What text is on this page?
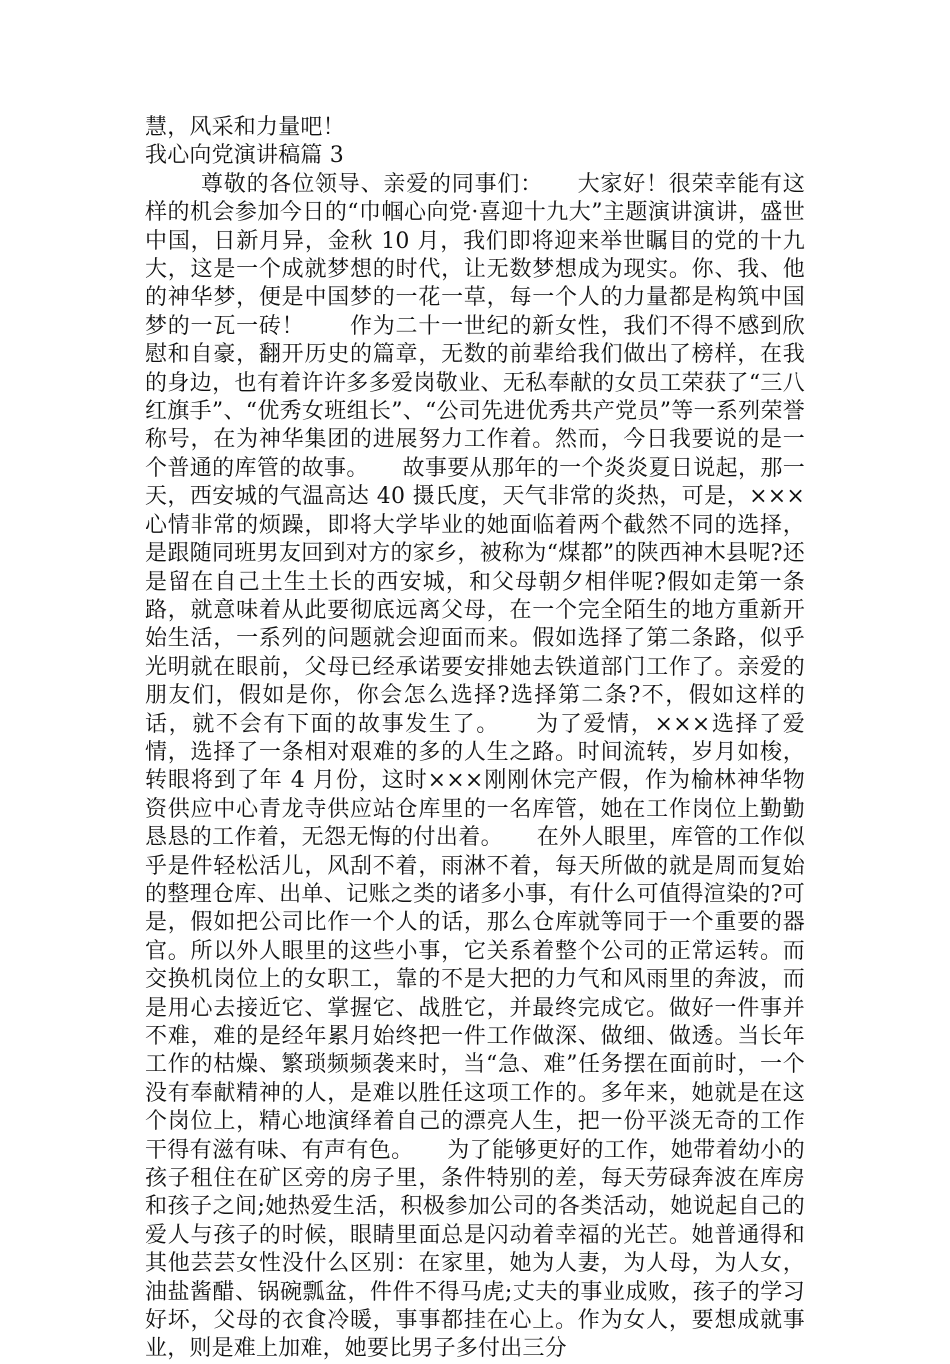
慧，风采和力量吧！

我心向党演讲稿篇 3

尊敬的各位领导、亲爱的同事们：　　大家好！很荣幸能有这样的机会参加今日的“巾帼心向党·喜迎十九大”主题演讲演讲，盛世中国，日新月异，金秋 10 月，我们即将迎来举世瞩目的党的十九大，这是一个成就梦想的时代，让无数梦想成为现实。你、我、他的神华梦，便是中国梦的一花一草，每一个人的力量都是构筑中国梦的一瓦一砖！　　作为二十一世纪的新女性，我们不得不感到欣慰和自豪，翻开历史的篇章，无数的前辈给我们做出了榜样，在我的身边，也有着许许多多爱岗敬业、无私奉献的女员工荣获了“三八红旗手”、“优秀女班组长”、“公司先进优秀共产党员”等一系列荣誉称号，在为神华集团的进展努力工作着。然而，今日我要说的是一个普通的库管的故事。　　故事要从那年的一个炎炎夏日说起，那一天，西安城的气温高达 40 摄氏度，天气非常的炎热，可是，×××心情非常的烦躁，即将大学毕业的她面临着两个截然不同的选择，是跟随同班男友回到对方的家乡，被称为“煤都”的陕西神木县呢?还是留在自己土生土长的西安城，和父母朝夕相伴呢?假如走第一条路，就意味着从此要彻底远离父母，在一个完全陌生的地方重新开始生活，一系列的问题就会迎面而来。假如选择了第二条路，似乎光明就在眼前，父母已经承诺要安排她去铁道部门工作了。亲爱的朋友们，假如是你，你会怎么选择?选择第二条?不，假如这样的话，就不会有下面的故事发生了。　　为了爱情，×××选择了爱情，选择了一条相对艰难的多的人生之路。时间流转，岁月如梭，转眼将到了年 4 月份，这时×××刚刚休完产假，作为榆林神华物资供应中心青龙寺供应站仓库里的一名库管，她在工作岗位上勤勤恳恳的工作着，无怨无悔的付出着。　　在外人眼里，库管的工作似乎是件轻松活儿，风刮不着，雨淋不着，每天所做的就是周而复始的整理仓库、出单、记账之类的诸多小事，有什么可值得渲染的?可是，假如把公司比作一个人的话，那么仓库就等同于一个重要的器官。所以外人眼里的这些小事，它关系着整个公司的正常运转。而交换机岗位上的女职工，靠的不是大把的力气和风雨里的奔波，而是用心去接近它、掌握它、战胜它，并最终完成它。做好一件事并不难，难的是经年累月始终把一件工作做深、做细、做透。当长年工作的枯燥、繁琐频频袭来时，当“急、难”任务摆在面前时，一个没有奉献精神的人，是难以胜任这项工作的。多年来，她就是在这个岗位上，精心地演绎着自己的漂亮人生，把一份平淡无奇的工作干得有滋有味、有声有色。　　为了能够更好的工作，她带着幼小的孩子租住在矿区旁的房子里，条件特别的差，每天劳碌奔波在库房和孩子之间;她热爱生活，积极参加公司的各类活动，她说起自己的爱人与孩子的时候，眼睛里面总是闪动着幸福的光芒。她普通得和其他芸芸女性没什么区别：在家里，她为人妻，为人母，为人女，油盐酱醋、锅碗瓢盆，件件不得马虎;丈夫的事业成败，孩子的学习好坏，父母的衣食冷暖，事事都挂在心上。作为女人，要想成就事业，则是难上加难，她要比男子多付出三分
